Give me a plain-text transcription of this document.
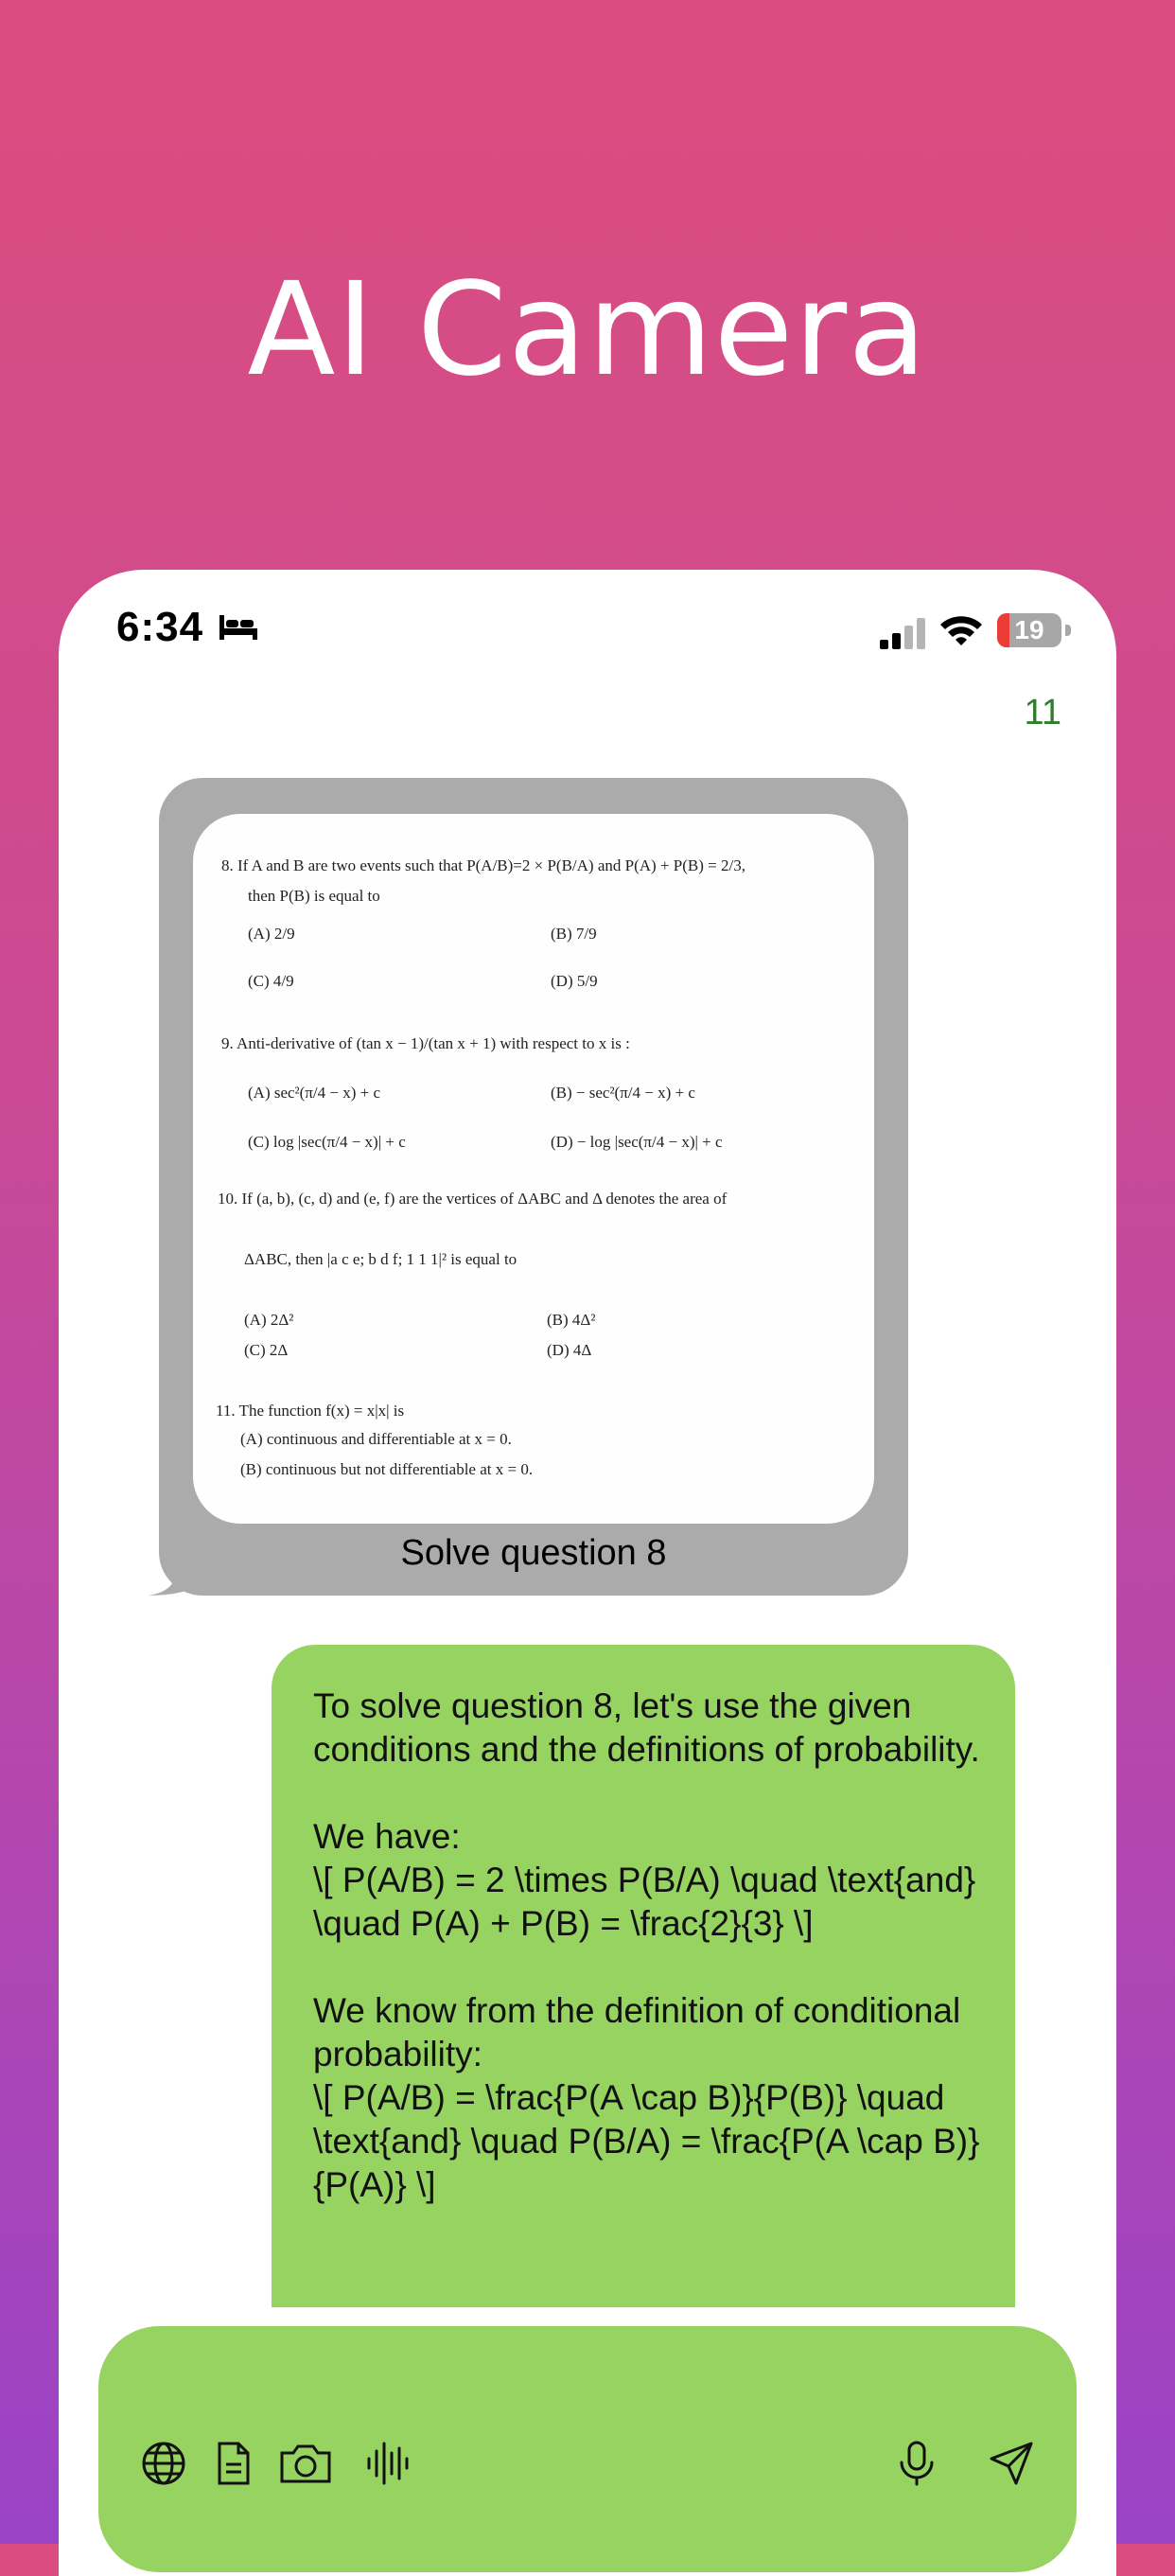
AI Camera
6:34	19
11
8. If A and B are two events such that P(A/B)=2 × P(B/A) and P(A) + P(B) = 2/3,
then P(B) is equal to
(A) 2/9	(B) 7/9
(C) 4/9	(D) 5/9
9. Anti-derivative of (tan x − 1)/(tan x + 1) with respect to x is :
(A) sec²(π/4 − x) + c	(B) − sec²(π/4 − x) + c
(C) log |sec(π/4 − x)| + c	(D) − log |sec(π/4 − x)| + c
10. If (a, b), (c, d) and (e, f) are the vertices of ΔABC and Δ denotes the area of
ΔABC, then |a c e; b d f; 1 1 1|² is equal to
(A) 2Δ²	(B) 4Δ²
(C) 2Δ	(D) 4Δ
11. The function f(x) = x|x| is
(A) continuous and differentiable at x = 0.
(B) continuous but not differentiable at x = 0.
Solve question 8
To solve question 8, let's use the given conditions and the definitions of probability.

We have:
\[ P(A/B) = 2 \times P(B/A) \quad \text{and} \quad P(A) + P(B) = \frac{2}{3} \]

We know from the definition of conditional probability:
\[ P(A/B) = \frac{P(A \cap B)}{P(B)} \quad \text{and} \quad P(B/A) = \frac{P(A \cap B)}{P(A)} \]
